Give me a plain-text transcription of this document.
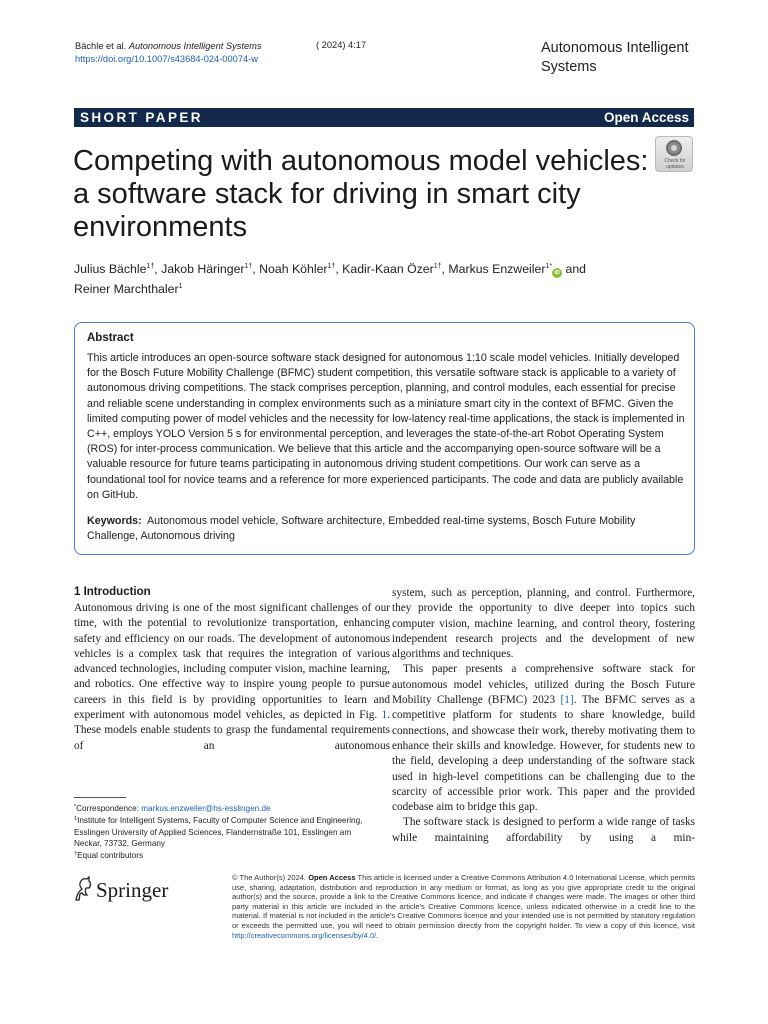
Bächle et al. Autonomous Intelligent Systems
https://doi.org/10.1007/s43684-024-00074-w
( 2024) 4:17	Autonomous Intelligent
Systems
SHORT PAPER	Open Access
Competing with autonomous model vehicles: a software stack for driving in smart city environments
Check for updates
Julius Bächle$^{1\dagger}$, Jakob Häringer$^{1\dagger}$, Noah Köhler$^{1\dagger}$, Kadir-Kaan Özer$^{1\dagger}$, Markus Enzweiler$^{1*}$iD and
Reiner Marchthaler$^1$
Abstract
This article introduces an open-source software stack designed for autonomous 1:10 scale model vehicles. Initially developed for the Bosch Future Mobility Challenge (BFMC) student competition, this versatile software stack is applicable to a variety of autonomous driving competitions. The stack comprises perception, planning, and control modules, each essential for precise and reliable scene understanding in complex environments such as a miniature smart city in the context of BFMC. Given the limited computing power of model vehicles and the necessity for low-latency real-time applications, the stack is implemented in C++, employs YOLO Version 5 s for environmental perception, and leverages the state-of-the-art Robot Operating System (ROS) for inter-process communication. We believe that this article and the accompanying open-source software will be a valuable resource for future teams participating in autonomous driving student competitions. Our work can serve as a foundational tool for novice teams and a reference for more experienced participants. The code and data are publicly available on GitHub.
Keywords: Autonomous model vehicle, Software architecture, Embedded real-time systems, Bosch Future Mobility Challenge, Autonomous driving
1 Introduction

Autonomous driving is one of the most significant challenges of our time, with the potential to revolutionize transportation, enhancing safety and efficiency on our roads. The development of autonomous vehicles is a complex task that requires the integration of various advanced technologies, including computer vision, machine learning, and robotics. One effective way to inspire young people to pursue careers in this field is by providing opportunities to learn and experiment with autonomous model vehicles, as depicted in Fig. 1. These models enable students to grasp the fundamental requirements of an autonomous

system, such as perception, planning, and control. Furthermore, they provide the opportunity to dive deeper into topics such computer vision, machine learning, and control theory, fostering independent research projects and the development of new algorithms and techniques.

This paper presents a comprehensive software stack for autonomous model vehicles, utilized during the Bosch Future Mobility Challenge (BFMC) 2023 [1]. The BFMC serves as a competitive platform for students to share knowledge, build connections, and showcase their work, thereby motivating them to enhance their skills and knowledge. However, for students new to the field, developing a deep understanding of the software stack used in high-level competitions can be challenging due to the scarcity of accessible prior work. This paper and the provided codebase aim to bridge this gap.

The software stack is designed to perform a wide range of tasks while maintaining affordability by using a min-

*Correspondence: markus.enzweiler@hs-esslingen.de
$^1$Institute for Intelligent Systems, Faculty of Computer Science and Engineering, Esslingen University of Applied Sciences, Flandernstraße 101, Esslingen am Neckar, 73732, Germany
†Equal contributors
Springer
© The Author(s) 2024. Open Access This article is licensed under a Creative Commons Attribution 4.0 International License, which permits use, sharing, adaptation, distribution and reproduction in any medium or format, as long as you give appropriate credit to the original author(s) and the source, provide a link to the Creative Commons licence, and indicate if changes were made. The images or other third party material in this article are included in the article's Creative Commons licence, unless indicated otherwise in a credit line to the material. If material is not included in the article's Creative Commons licence and your intended use is not permitted by statutory regulation or exceeds the permitted use, you will need to obtain permission directly from the copyright holder. To view a copy of this licence, visit http://creativecommons.org/licenses/by/4.0/.
